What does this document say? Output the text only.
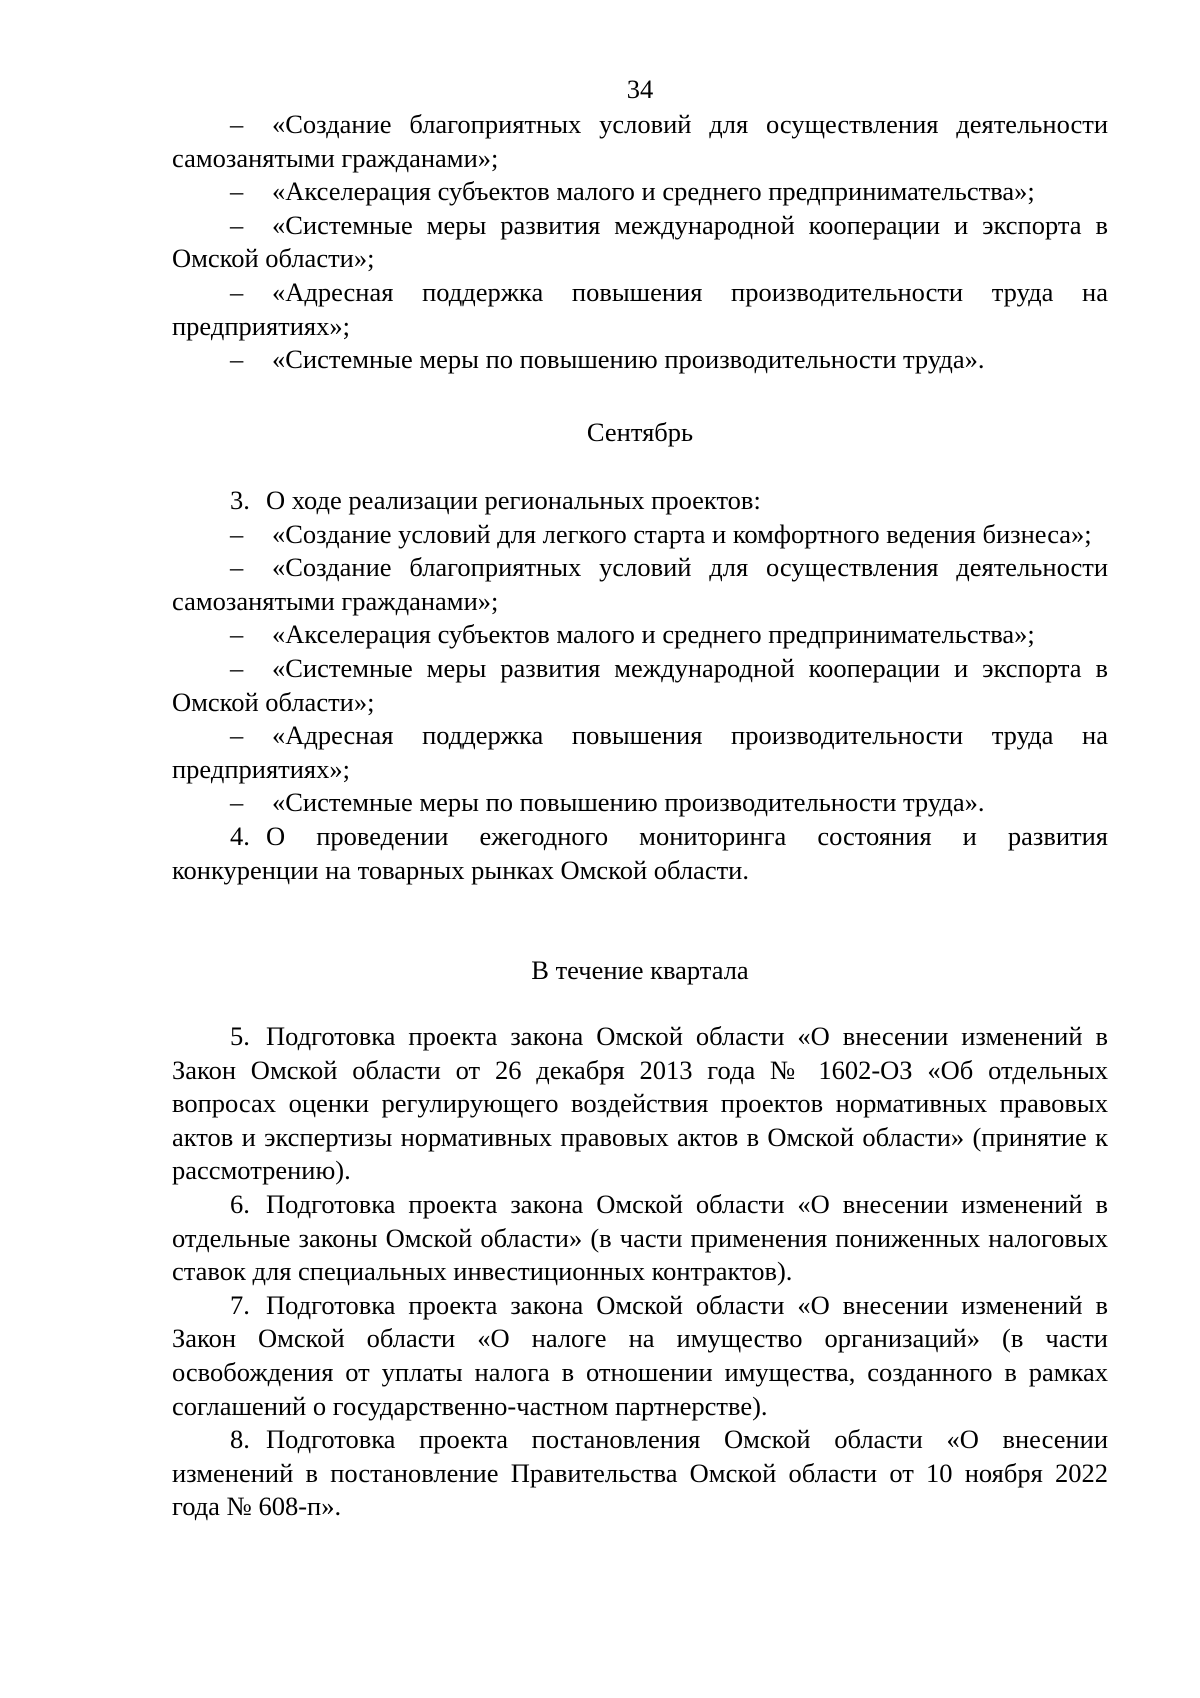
34

– «Создание благоприятных условий для осуществления деятельности самозанятыми гражданами»;

– «Акселерация субъектов малого и среднего предпринимательства»;

– «Системные меры развития международной кооперации и экспорта в Омской области»;

– «Адресная поддержка повышения производительности труда на предприятиях»;

– «Системные меры по повышению производительности труда».

Сентябрь

3. О ходе реализации региональных проектов:

– «Создание условий для легкого старта и комфортного ведения бизнеса»;

– «Создание благоприятных условий для осуществления деятельности самозанятыми гражданами»;

– «Акселерация субъектов малого и среднего предпринимательства»;

– «Системные меры развития международной кооперации и экспорта в Омской области»;

– «Адресная поддержка повышения производительности труда на предприятиях»;

– «Системные меры по повышению производительности труда».

4. О проведении ежегодного мониторинга состояния и развития конкуренции на товарных рынках Омской области.

В течение квартала

5. Подготовка проекта закона Омской области «О внесении изменений в Закон Омской области от 26 декабря 2013 года № 1602-ОЗ «Об отдельных вопросах оценки регулирующего воздействия проектов нормативных правовых актов и экспертизы нормативных правовых актов в Омской области» (принятие к рассмотрению).

6. Подготовка проекта закона Омской области «О внесении изменений в отдельные законы Омской области» (в части применения пониженных налоговых ставок для специальных инвестиционных контрактов).

7. Подготовка проекта закона Омской области «О внесении изменений в Закон Омской области «О налоге на имущество организаций» (в части освобождения от уплаты налога в отношении имущества, созданного в рамках соглашений о государственно-частном партнерстве).

8. Подготовка проекта постановления Омской области «О внесении изменений в постановление Правительства Омской области от 10 ноября 2022 года № 608-п».
